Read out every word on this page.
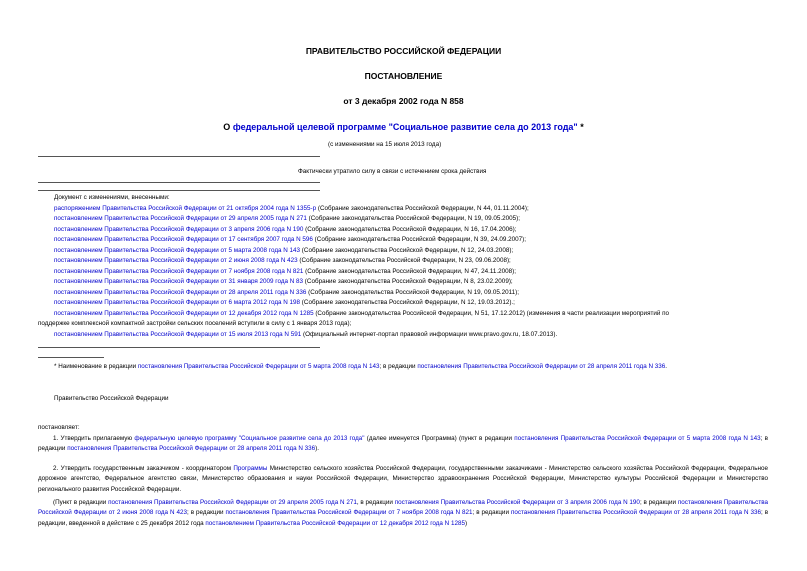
ПРАВИТЕЛЬСТВО РОССИЙСКОЙ ФЕДЕРАЦИИ
ПОСТАНОВЛЕНИЕ
от 3 декабря 2002 года N 858
О федеральной целевой программе "Социальное развитие села до 2013 года" *
(с изменениями на 15 июля 2013 года)
Фактически утратило силу в связи с истечением срока действия
Документ с изменениями, внесенными:
распоряжением Правительства Российской Федерации от 21 октября 2004 года N 1355-р (Собрание законодательства Российской Федерации, N 44, 01.11.2004);
постановлением Правительства Российской Федерации от 29 апреля 2005 года N 271 (Собрание законодательства Российской Федерации, N 19, 09.05.2005);
постановлением Правительства Российской Федерации от 3 апреля 2006 года N 190 (Собрание законодательства Российской Федерации, N 16, 17.04.2006);
постановлением Правительства Российской Федерации от 17 сентября 2007 года N 596 (Собрание законодательства Российской Федерации, N 39, 24.09.2007);
постановлением Правительства Российской Федерации от 5 марта 2008 года N 143 (Собрание законодательства Российской Федерации, N 12, 24.03.2008);
постановлением Правительства Российской Федерации от 2 июня 2008 года N 423 (Собрание законодательства Российской Федерации, N 23, 09.06.2008);
постановлением Правительства Российской Федерации от 7 ноября 2008 года N 821 (Собрание законодательства Российской Федерации, N 47, 24.11.2008);
постановлением Правительства Российской Федерации от 31 января 2009 года N 83 (Собрание законодательства Российской Федерации, N 8, 23.02.2009);
постановлением Правительства Российской Федерации от 28 апреля 2011 года N 336 (Собрание законодательства Российской Федерации, N 19, 09.05.2011);
постановлением Правительства Российской Федерации от 6 марта 2012 года N 198 (Собрание законодательства Российской Федерации, N 12, 19.03.2012).;
постановлением Правительства Российской Федерации от 12 декабря 2012 года N 1285 (Собрание законодательства Российской Федерации, N 51, 17.12.2012) (изменения в части реализации мероприятий по
поддержке комплексной компактной застройки сельских поселений вступили в силу с 1 января 2013 года);
постановлением Правительства Российской Федерации от 15 июля 2013 года N 591 (Официальный интернет-портал правовой информации www.pravo.gov.ru, 18.07.2013).
* Наименование в редакции постановления Правительства Российской Федерации от 5 марта 2008 года N 143; в редакции постановления Правительства Российской Федерации от 28 апреля 2011 года N 336.
Правительство Российской Федерации
постановляет:
1. Утвердить прилагаемую федеральную целевую программу "Социальное развитие села до 2013 года" (далее именуется Программа) (пункт в редакции постановления Правительства Российской Федерации от 5 марта 2008 года N 143; в редакции постановления Правительства Российской Федерации от 28 апреля 2011 года N 336).
2. Утвердить государственным заказчиком - координатором Программы Министерство сельского хозяйства Российской Федерации, государственными заказчиками - Министерство сельского хозяйства Российской Федерации, Федеральное дорожное агентство, Федеральное агентство связи, Министерство образования и науки Российской Федерации, Министерство здравоохранения Российской Федерации, Министерство культуры Российской Федерации и Министерство регионального развития Российской Федерации.
(Пункт в редакции постановления Правительства Российской Федерации от 29 апреля 2005 года N 271, в редакции постановления Правительства Российской Федерации от 3 апреля 2006 года N 190; в редакции постановления Правительства Российской Федерации от 2 июня 2008 года N 423; в редакции постановления Правительства Российской Федерации от 7 ноября 2008 года N 821; в редакции постановления Правительства Российской Федерации от 28 апреля 2011 года N 336; в редакции, введенной в действие с 25 декабря 2012 года постановлением Правительства Российской Федерации от 12 декабря 2012 года N 1285)
